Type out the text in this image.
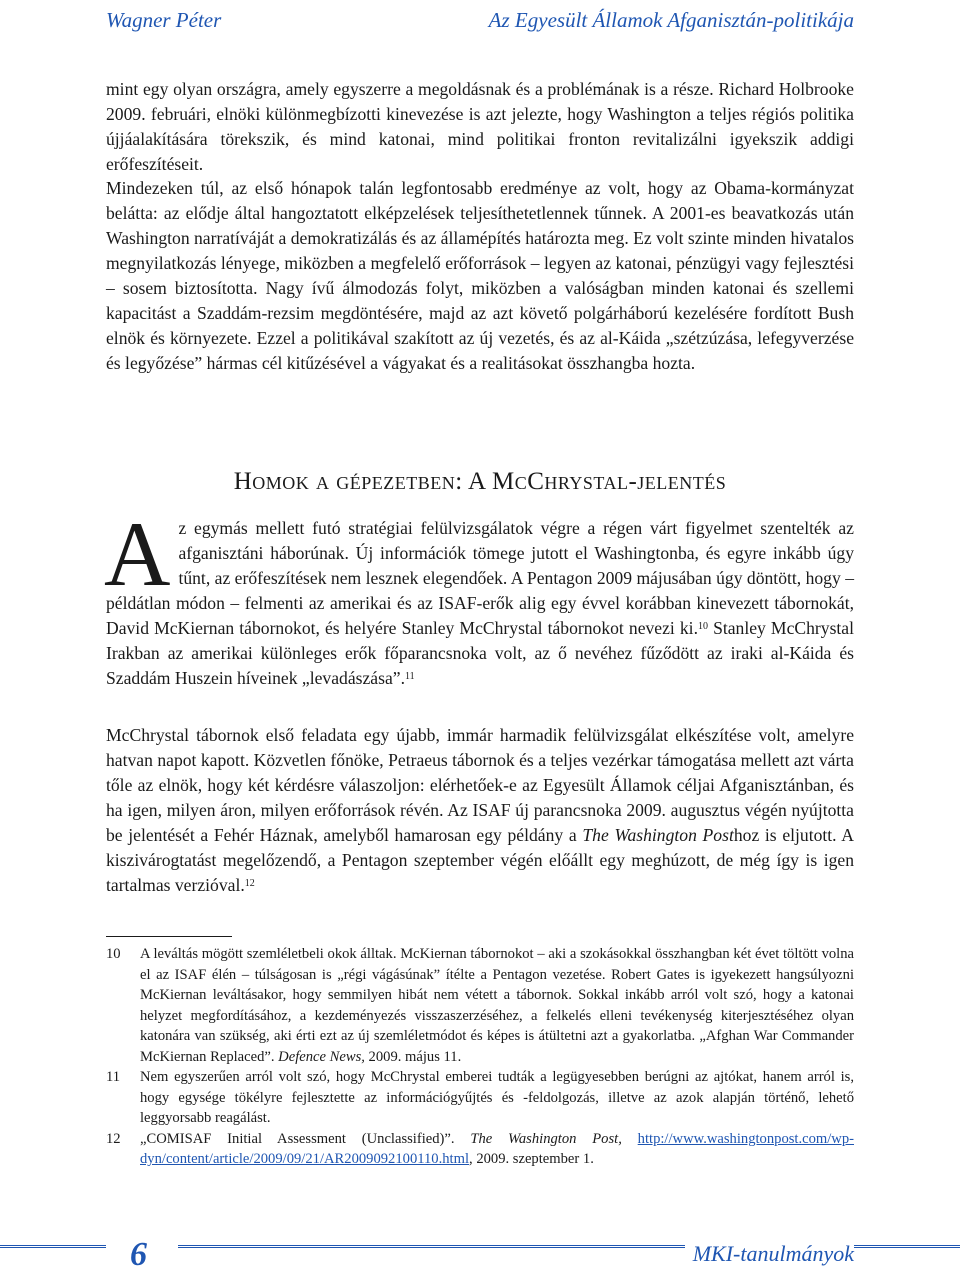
Wagner Péter	Az Egyesült Államok Afganisztán-politikája

mint egy olyan országra, amely egyszerre a megoldásnak és a problémának is a része. Richard Holbrooke 2009. februári, elnöki különmegbízotti kinevezése is azt jelezte, hogy Washington a teljes régiós politika újjáalakítására törekszik, és mind katonai, mind politikai fronton revitalizálni igyekszik addigi erőfeszítéseit.

Mindezeken túl, az első hónapok talán legfontosabb eredménye az volt, hogy az Obama-kormányzat belátta: az elődje által hangoztatott elképzelések teljesíthetetlennek tűnnek. A 2001-es beavatkozás után Washington narratíváját a demokratizálás és az államépítés határozta meg. Ez volt szinte minden hivatalos megnyilatkozás lényege, miközben a megfelelő erőforrások – legyen az katonai, pénzügyi vagy fejlesztési – sosem biztosította. Nagy ívű álmodozás folyt, miközben a valóságban minden katonai és szellemi kapacitást a Szaddám-rezsim megdöntésére, majd az azt követő polgárháború kezelésére fordított Bush elnök és környezete. Ezzel a politikával szakított az új vezetés, és az al-Káida „szétzúzása, lefegyverzése és legyőzése” hármas cél kitűzésével a vágyakat és a realitásokat összhangba hozta.

Homok a gépezetben: A McChrystal-jelentés

Az egymás mellett futó stratégiai felülvizsgálatok végre a régen várt figyelmet szentelték az afganisztáni háborúnak. Új információk tömege jutott el Washingtonba, és egyre inkább úgy tűnt, az erőfeszítések nem lesznek elegendőek. A Pentagon 2009 májusában úgy döntött, hogy – példátlan módon – felmenti az amerikai és az ISAF-erők alig egy évvel korábban kinevezett tábornokát, David McKiernan tábornokot, és helyére Stanley McChrystal tábornokot nevezi ki.$^{10}$ Stanley McChrystal Irakban az amerikai különleges erők főparancsnoka volt, az ő nevéhez fűződött az iraki al-Káida és Szaddám Huszein híveinek „levadászása”.$^{11}$

McChrystal tábornok első feladata egy újabb, immár harmadik felülvizsgálat elkészítése volt, amelyre hatvan napot kapott. Közvetlen főnöke, Petraeus tábornok és a teljes vezérkar támogatása mellett azt várta tőle az elnök, hogy két kérdésre válaszoljon: elérhetőek-e az Egyesült Államok céljai Afganisztánban, és ha igen, milyen áron, milyen erőforrások révén. Az ISAF új parancsnoka 2009. augusztus végén nyújtotta be jelentését a Fehér Háznak, amelyből hamarosan egy példány a The Washington Posthoz is eljutott. A kiszivárogtatást megelőzendő, a Pentagon szeptember végén előállt egy meghúzott, de még így is igen tartalmas verzióval.$^{12}$

10 A leváltás mögött szemléletbeli okok álltak. McKiernan tábornokot – aki a szokásokkal összhangban két évet töltött volna el az ISAF élén – túlságosan is „régi vágásúnak” ítélte a Pentagon vezetése. Robert Gates is igyekezett hangsúlyozni McKiernan leváltásakor, hogy semmilyen hibát nem vétett a tábornok. Sokkal inkább arról volt szó, hogy a katonai helyzet megfordításához, a kezdeményezés visszaszerzéséhez, a felkelés elleni tevékenység kiterjesztéséhez olyan katonára van szükség, aki érti ezt az új szemléletmódot és képes is átültetni azt a gyakorlatba. „Afghan War Commander McKiernan Replaced”. Defence News, 2009. május 11.

11 Nem egyszerűen arról volt szó, hogy McChrystal emberei tudták a legügyesebben berúgni az ajtókat, hanem arról is, hogy egysége tökélyre fejlesztette az információgyűjtés és -feldolgozás, illetve az azok alapján történő, lehető leggyorsabb reagálást.

12 „COMISAF Initial Assessment (Unclassified)”. The Washington Post, http://www.washingtonpost.com/wp-dyn/content/article/2009/09/21/AR2009092100110.html, 2009. szeptember 1.

6	MKI-tanulmányok
